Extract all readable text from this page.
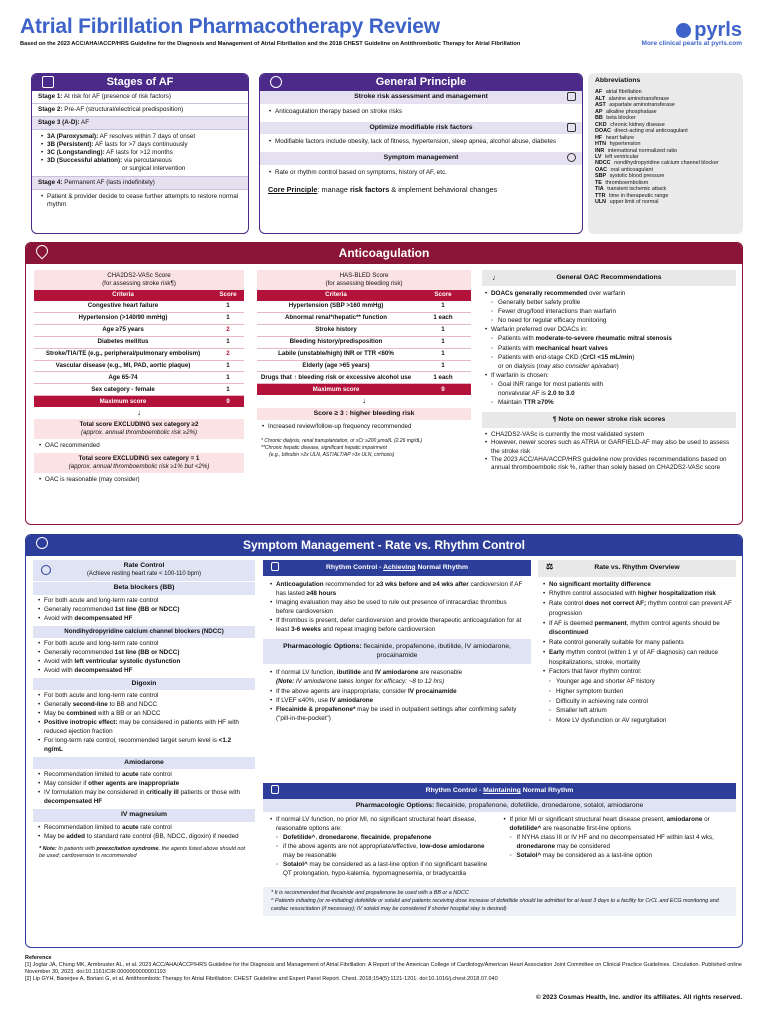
Atrial Fibrillation Pharmacotherapy Review
Based on the 2023 ACC/AHA/ACCP/HRS Guideline for the Diagnosis and Management of Atrial Fibrillation and the 2018 CHEST Guideline on Antithrombotic Therapy for Atrial Fibrillation
pyrls
More clinical pearls at pyrls.com
Stages of AF
Stage 1: At risk for AF (presence of risk factors)
Stage 2: Pre-AF (structural/electrical predisposition)
Stage 3 (A-D): AF
• 3A (Paroxysmal): AF resolves within 7 days of onset
• 3B (Persistent): AF lasts for >7 days continuously
• 3C (Longstanding): AF lasts for >12 months
• 3D (Successful ablation): via percutaneous
or surgical intervention
Stage 4: Permanent AF (lasts indefinitely)
• Patient & provider decide to cease further attempts to restore normal rhythm
General Principle
Stroke risk assessment and management
• Anticoagulation therapy based on stroke risks
Optimize modifiable risk factors
• Modifiable factors include obesity, lack of fitness, hypertension, sleep apnea, alcohol abuse, diabetes
Symptom management
• Rate or rhythm control based on symptoms, history of AF, etc.
Core Principle: manage risk factors & implement behavioral changes
Abbreviations
AF atrial fibrillation
ALT alanine aminotransferase
AST aspartate aminotransferase
AP alkaline phosphatase
BB beta blocker
CKD chronic kidney disease
DOAC direct-acting oral anticoagulant
HF heart failure
HTN hypertension
INR international normalized ratio
LV left ventricular
NDCC nondihydropyridine calcium channel blocker
OAC oral anticoagulant
SBP systolic blood pressure
TE thromboembolism
TIA transient ischemic attack
TTR time in therapeutic range
ULN upper limit of normal
Anticoagulation
CHA2DS2-VASc Score
(for assessing stroke risk¶)
Criteria	Score
Congestive heart failure	1
Hypertension (>140/90 mmHg)	1
Age ≥75 years	2
Diabetes mellitus	1
Stroke/TIA/TE (e.g., peripheral/pulmonary embolism)	2
Vascular disease (e.g., MI, PAD, aortic plaque)	1
Age 65-74	1
Sex category - female	1
Maximum score	9
↓
Total score EXCLUDING sex category ≥2
(approx. annual thromboembolic risk ≥2%)
• OAC recommended
Total score EXCLUDING sex category = 1
(approx. annual thromboembolic risk ≥1% but <2%)
• OAC is reasonable (may consider)
HAS-BLED Score
(for assessing bleeding risk)
Criteria	Score
Hypertension (SBP >160 mmHg)	1
Abnormal renal*/hepatic** function	1 each
Stroke history	1
Bleeding history/predisposition	1
Labile (unstable/high) INR or TTR <60%	1
Elderly (age >65 years)	1
Drugs that ↑ bleeding risk or excessive alcohol use	1 each
Maximum score	9
↓
Score ≥ 3 : higher bleeding risk
• Increased review/follow-up frequency recommended
* Chronic dialysis, renal transplantation, or sCr ≥200 μmol/L (2.26 mg/dL)
**Chronic hepatic disease, significant hepatic impairment
(e.g., bilirubin >2x ULN, AST/ALT/AP >3x ULN, cirrhosis)
♩	General OAC Recommendations
• DOACs generally recommended over warfarin
◦ Generally better safety profile
◦ Fewer drug/food interactions than warfarin
◦ No need for regular efficacy monitoring
• Warfarin preferred over DOACs in:
◦ Patients with moderate-to-severe rheumatic mitral stenosis
◦ Patients with mechanical heart valves
◦ Patients with end-stage CKD (CrCl <15 mL/min)
or on dialysis (may also consider apixaban)
• If warfarin is chosen:
◦ Goal INR range for most patients with
nonvalvular AF is 2.0 to 3.0
◦ Maintain TTR ≥70%
¶ Note on newer stroke risk scores
• CHA2DS2-VASc is currently the most validated system
• However, newer scores such as ATRIA or GARFIELD-AF may also be used to assess the stroke risk
• The 2023 ACC/AHA/ACCP/HRS guideline now provides recommendations based on annual thromboembolic risk %, rather than solely based on CHA2DS2-VASc score
Symptom Management - Rate vs. Rhythm Control
Rate Control
(Achieve resting heart rate < 100-110 bpm)
Beta blockers (BB)
• For both acute and long-term rate control
• Generally recommended 1st line (BB or NDCC)
• Avoid with decompensated HF
Nondihydropyridine calcium channel blockers (NDCC)
• For both acute and long-term rate control
• Generally recommended 1st line (BB or NDCC)
• Avoid with left ventricular systolic dysfunction
• Avoid with decompensated HF
Digoxin
• For both acute and long-term rate control
• Generally second-line to BB and NDCC
• May be combined with a BB or an NDCC
• Positive inotropic effect: may be considered in patients with HF with reduced ejection fraction
• For long-term rate control, recommended target serum level is <1.2 ng/mL
Amiodarone
• Recommendation limited to acute rate control
• May consider if other agents are inappropriate
• IV formulation may be considered in critically ill patients or those with decompensated HF
IV magnesium
• Recommendation limited to acute rate control
• May be added to standard rate control (BB, NDCC, digoxin) if needed
* Note: In patients with preexcitation syndrome, the agents listed above should not be used; cardioversion is recommended
Rhythm Control - Achieving Normal Rhythm
• Anticoagulation recommended for ≥3 wks before and ≥4 wks after cardioversion if AF has lasted ≥48 hours
• Imaging evaluation may also be used to rule out presence of intracardiac thrombus before cardioversion
• If thrombus is present, defer cardioversion and provide therapeutic anticoagulation for at least 3-6 weeks and repeat imaging before cardioversion
Pharmacologic Options: flecainide, propafenone, ibutilide, IV amiodarone, procainamide
• If normal LV function, ibutilide and IV amiodarone are reasonable
(Note: IV amiodarone takes longer for efficacy: ~8 to 12 hrs)
• If the above agents are inappropriate, consider IV procainamide
• If LVEF ≤40%, use IV amiodarone
• Flecainide & propafenone* may be used in outpatient settings after confirming safety ("pill-in-the-pocket")
⚖	Rate vs. Rhythm Overview
• No significant mortality difference
• Rhythm control associated with higher hospitalization risk
• Rate control does not correct AF; rhythm control can prevent AF progression
• If AF is deemed permanent, rhythm control agents should be discontinued
• Rate control generally suitable for many patients
• Early rhythm control (within 1 yr of AF diagnosis) can reduce hospitalizations, stroke, mortality
• Factors that favor rhythm control:
◦ Younger age and shorter AF history
◦ Higher symptom burden
◦ Difficulty in achieving rate control
◦ Smaller left atrium
◦ More LV dysfunction or AV regurgitation
Rhythm Control - Maintaining Normal Rhythm
Pharmacologic Options: flecainide, propafenone, dofetilide, dronedarone, sotalol, amiodarone
• If normal LV function, no prior MI, no significant structural heart disease, reasonable options are:
◦ Dofetilide^, dronedarone, flecainide, propafenone
◦ if the above agents are not appropriate/effective, low-dose amiodarone may be reasonable
◦ Sotalol^ may be considered as a last-line option if no significant baseline QT prolongation, hypo-kalemia, hypomagnesemia, or bradycardia
• If prior MI or significant structural heart disease present, amiodarone or dofetilide^ are reasonable first-line options
◦ If NYHA class III or IV HF and no decompensated HF within last 4 wks, dronedarone may be considered
◦ Sotalol^ may be considered as a last-line option
* It is recommended that flecainide and propafenone be used with a BB or a NDCC
^ Patients initiating (or re-initiating) dofetilide or sotalol and patients receiving dose increase of dofetilide should be admitted for at least 3 days to a facility for CrCL and ECG monitoring and cardiac resuscitation (if necessary); IV sotalol may be considered if shorter hospital stay is desired)
Reference
[1] Joglar JA, Chung MK, Armbruster AL, et al. 2023 ACC/AHA/ACCP/HRS Guideline for the Diagnosis and Management of Atrial Fibrillation: A Report of the American College of Cardiology/American Heart Association Joint Committee on Clinical Practice Guidelines. Circulation. Published online November 30, 2023. doi:10.1161/CIR.0000000000001193
[2] Lip GYH, Banerjee A, Boriani G, et al. Antithrombotic Therapy for Atrial Fibrillation: CHEST Guideline and Expert Panel Report. Chest. 2018;154(5):1121-1201. doi:10.1016/j.chest.2018.07.040
© 2023 Cosmas Health, Inc. and/or its affiliates. All rights reserved.
